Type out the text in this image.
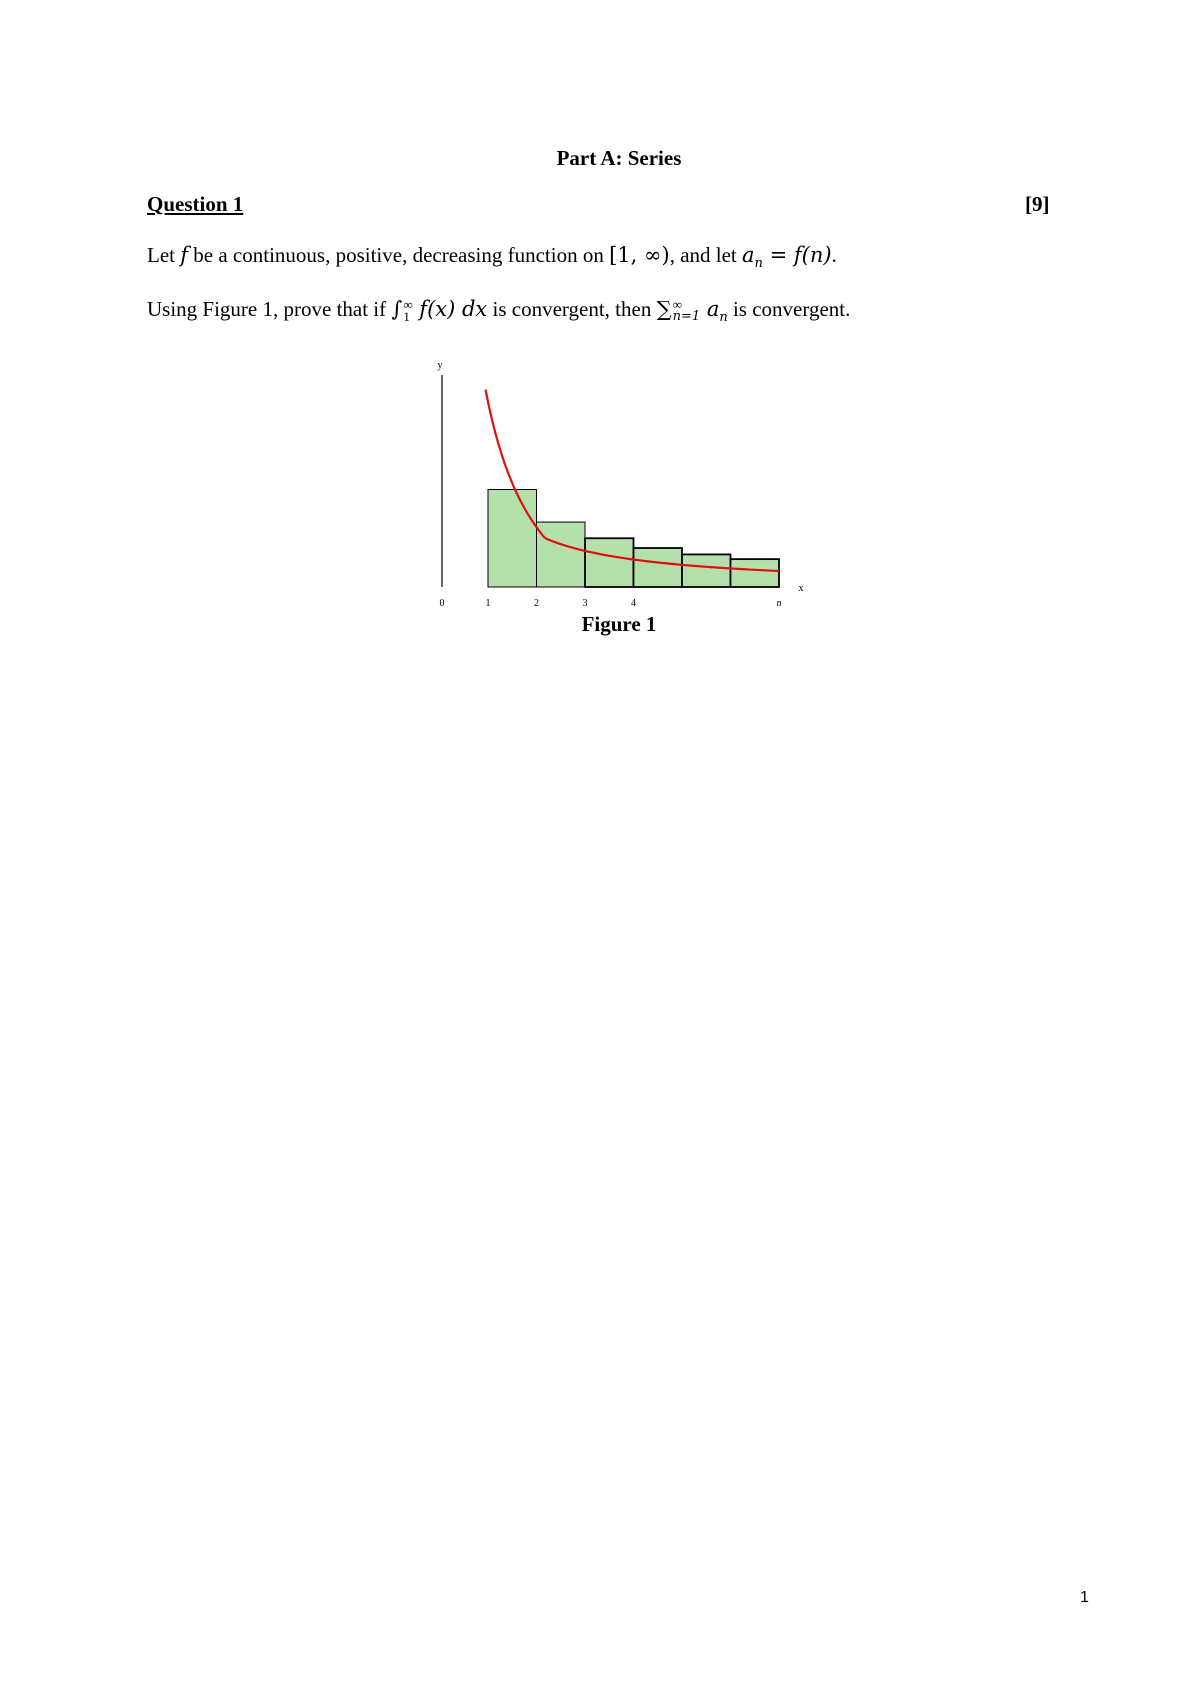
Part A: Series
Question 1	[9]
Let f be a continuous, positive, decreasing function on [1, ∞), and let $a_n = f(n)$.
Using Figure 1, prove that if ∫ ∞
1 f(x) dx is convergent, then ∑ ∞
n=1 $a_n$ is convergent.
y
x
0	1	2	3	4	n
Figure 1
1
